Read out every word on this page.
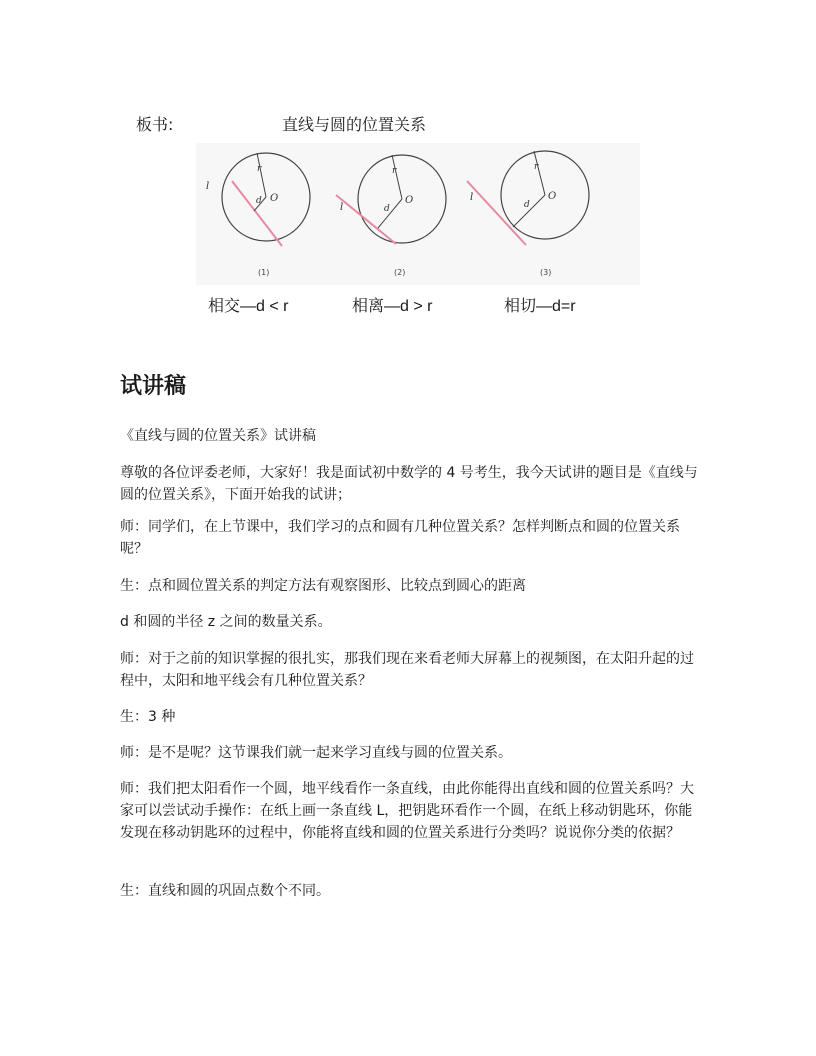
板书:	直线与圆的位置关系
r
d O
l
(1)
r
d
O
l
(2)
r
d
O
l
(3)
相交—d < r	相离—d > r	相切—d=r
试讲稿
《直线与圆的位置关系》试讲稿
尊敬的各位评委老师，大家好！我是面试初中数学的 4 号考生，我今天试讲的题目是《直线与圆的位置关系》，下面开始我的试讲；
师：同学们，在上节课中，我们学习的点和圆有几种位置关系？怎样判断点和圆的位置关系呢？
生：点和圆位置关系的判定方法有观察图形、比较点到圆心的距离
d 和圆的半径 z 之间的数量关系。
师：对于之前的知识掌握的很扎实，那我们现在来看老师大屏幕上的视频图，在太阳升起的过程中，太阳和地平线会有几种位置关系？
生：3 种
师：是不是呢？这节课我们就一起来学习直线与圆的位置关系。
师：我们把太阳看作一个圆，地平线看作一条直线，由此你能得出直线和圆的位置关系吗？大家可以尝试动手操作：在纸上画一条直线 L，把钥匙环看作一个圆，在纸上移动钥匙环，你能发现在移动钥匙环的过程中，你能将直线和圆的位置关系进行分类吗？说说你分类的依据？
生：直线和圆的巩固点数个不同。
